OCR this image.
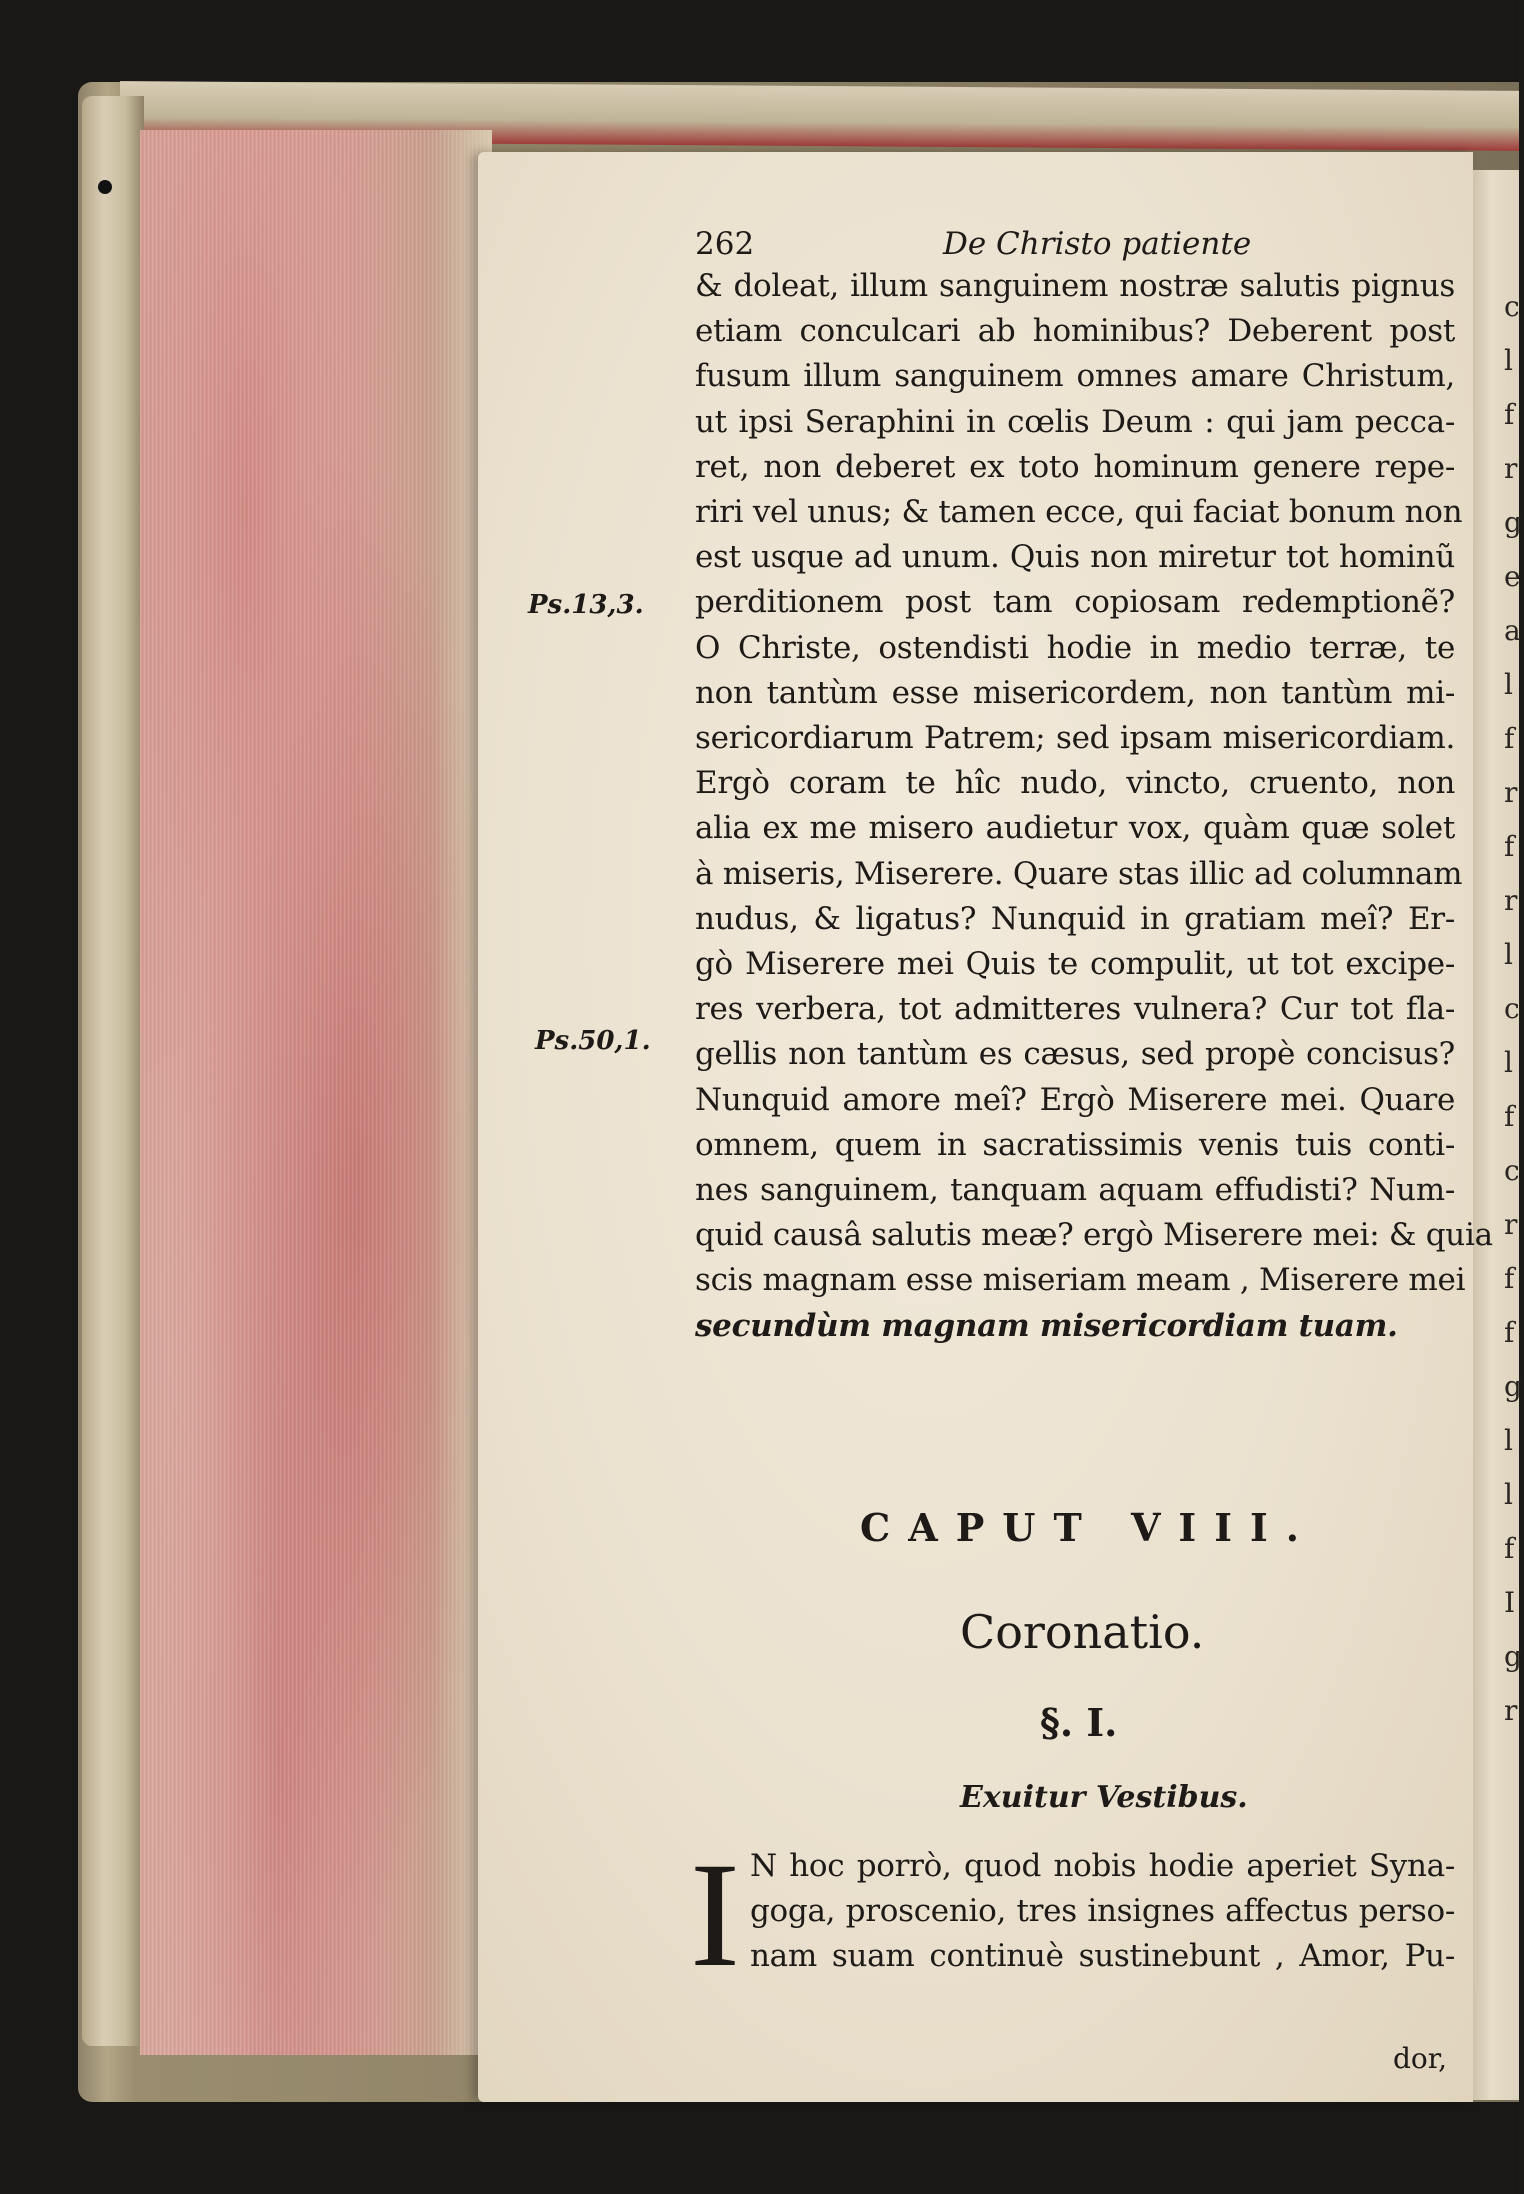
262	De Christo patiente
Ps.13,3.
Ps.50,1.
& doleat, illum sanguinem nostræ salutis pignus
etiam conculcari ab hominibus? Deberent post
fusum illum sanguinem omnes amare Christum,
ut ipsi Seraphini in cœlis Deum : qui jam pecca-
ret, non deberet ex toto hominum genere repe-
riri vel unus; & tamen ecce, qui faciat bonum non
est usque ad unum. Quis non miretur tot hominũ
perditionem post tam copiosam redemptionẽ?
O Christe, ostendisti hodie in medio terræ, te
non tantùm esse misericordem, non tantùm mi-
sericordiarum Patrem; sed ipsam misericordiam.
Ergò coram te hîc nudo, vincto, cruento, non
alia ex me misero audietur vox, quàm quæ solet
à miseris, Miserere. Quare stas illic ad columnam
nudus, & ligatus? Nunquid in gratiam meî? Er-
gò Miserere mei Quis te compulit, ut tot excipe-
res verbera, tot admitteres vulnera? Cur tot fla-
gellis non tantùm es cæsus, sed propè concisus?
Nunquid amore meî? Ergò Miserere mei. Quare
omnem, quem in sacratissimis venis tuis conti-
nes sanguinem, tanquam aquam effudisti? Num-
quid causâ salutis meæ? ergò Miserere mei: & quia
scis magnam esse miseriam meam , Miserere mei
secundùm magnam misericordiam tuam.
CAPUT VIII.
Coronatio.
§. I.
Exuitur Vestibus.
I N hoc porrò, quod nobis hodie aperiet Syna-
goga, proscenio, tres insignes affectus perso-
nam suam continuè sustinebunt , Amor, Pu-
dor,
c
l
f
r
g
e
a
l
f
r
f
r
l
c
l
f
c
r
f
f
g
l
l
f
I
g
r
